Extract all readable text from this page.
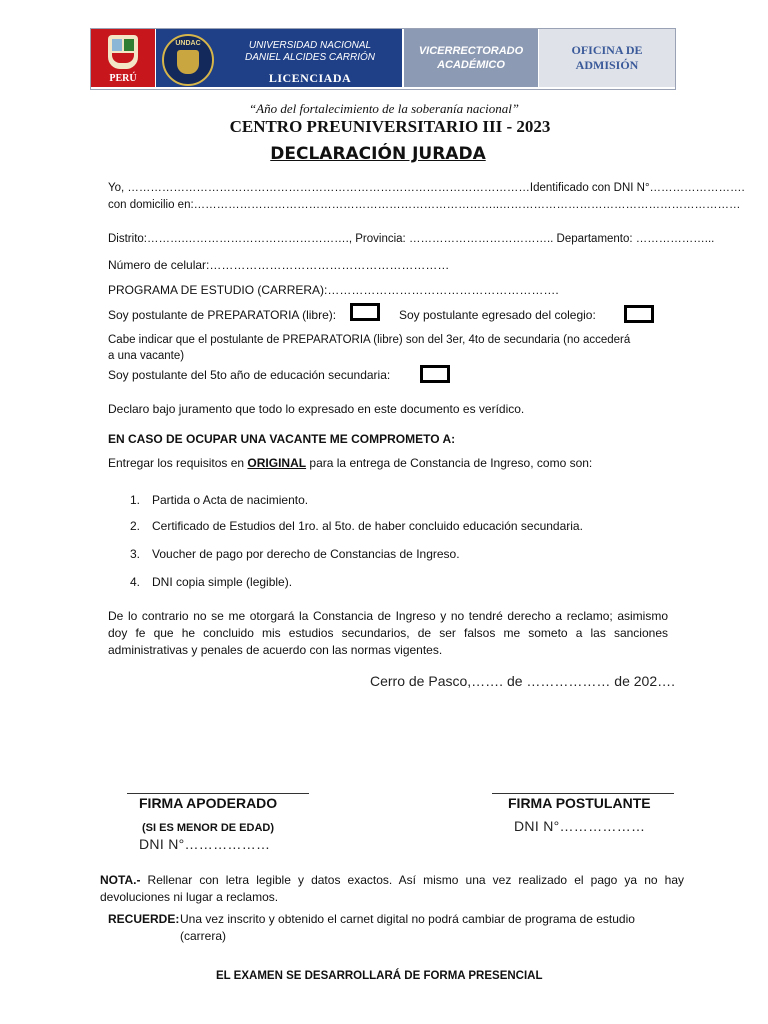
PERÚ
UNDAC	UNIVERSIDAD NACIONAL
DANIEL ALCIDES CARRIÓN
LICENCIADA
VICERRECTORADO
ACADÉMICO
OFICINA DE
ADMISIÓN
“Año del fortalecimiento de la soberanía nacional”
CENTRO PREUNIVERSITARIO III - 2023
DECLARACIÓN JURADA
Yo, ……………………………………………………………………………………………Identificado con DNI N°…………………….
con domicilio en:……………………………………………………………………..………………………………………………………
Distrito:……….……………………………………., Provincia: ……………………………….. Departamento: ………………...
Número de celular:……………………………………………………
PROGRAMA DE ESTUDIO (CARRERA):………………………………………………….
Soy postulante de PREPARATORIA (libre):	Soy postulante egresado del colegio:
Cabe indicar que el postulante de PREPARATORIA (libre) son del 3er, 4to de secundaria (no accederá
a una vacante)
Soy postulante del 5to año de educación secundaria:
Declaro bajo juramento que todo lo expresado en este documento es verídico.
EN CASO DE OCUPAR UNA VACANTE ME COMPROMETO A:
Entregar los requisitos en ORIGINAL para la entrega de Constancia de Ingreso, como son:
1. Partida o Acta de nacimiento.
2. Certificado de Estudios del 1ro. al 5to. de haber concluido educación secundaria.
3. Voucher de pago por derecho de Constancias de Ingreso.
4. DNI copia simple (legible).
De lo contrario no se me otorgará la Constancia de Ingreso y no tendré derecho a reclamo; asimismo doy fe que he concluido mis estudios secundarios, de ser falsos me someto a las sanciones administrativas y penales de acuerdo con las normas vigentes.
Cerro de Pasco,……. de ……………… de 202….
FIRMA APODERADO
(SI ES MENOR DE EDAD)
DNI N°………………
FIRMA POSTULANTE
DNI N°………………
NOTA.- Rellenar con letra legible y datos exactos. Así mismo una vez realizado el pago ya no hay devoluciones ni lugar a reclamos.
RECUERDE: Una vez inscrito y obtenido el carnet digital no podrá cambiar de programa de estudio
(carrera)
EL EXAMEN SE DESARROLLARÁ DE FORMA PRESENCIAL
